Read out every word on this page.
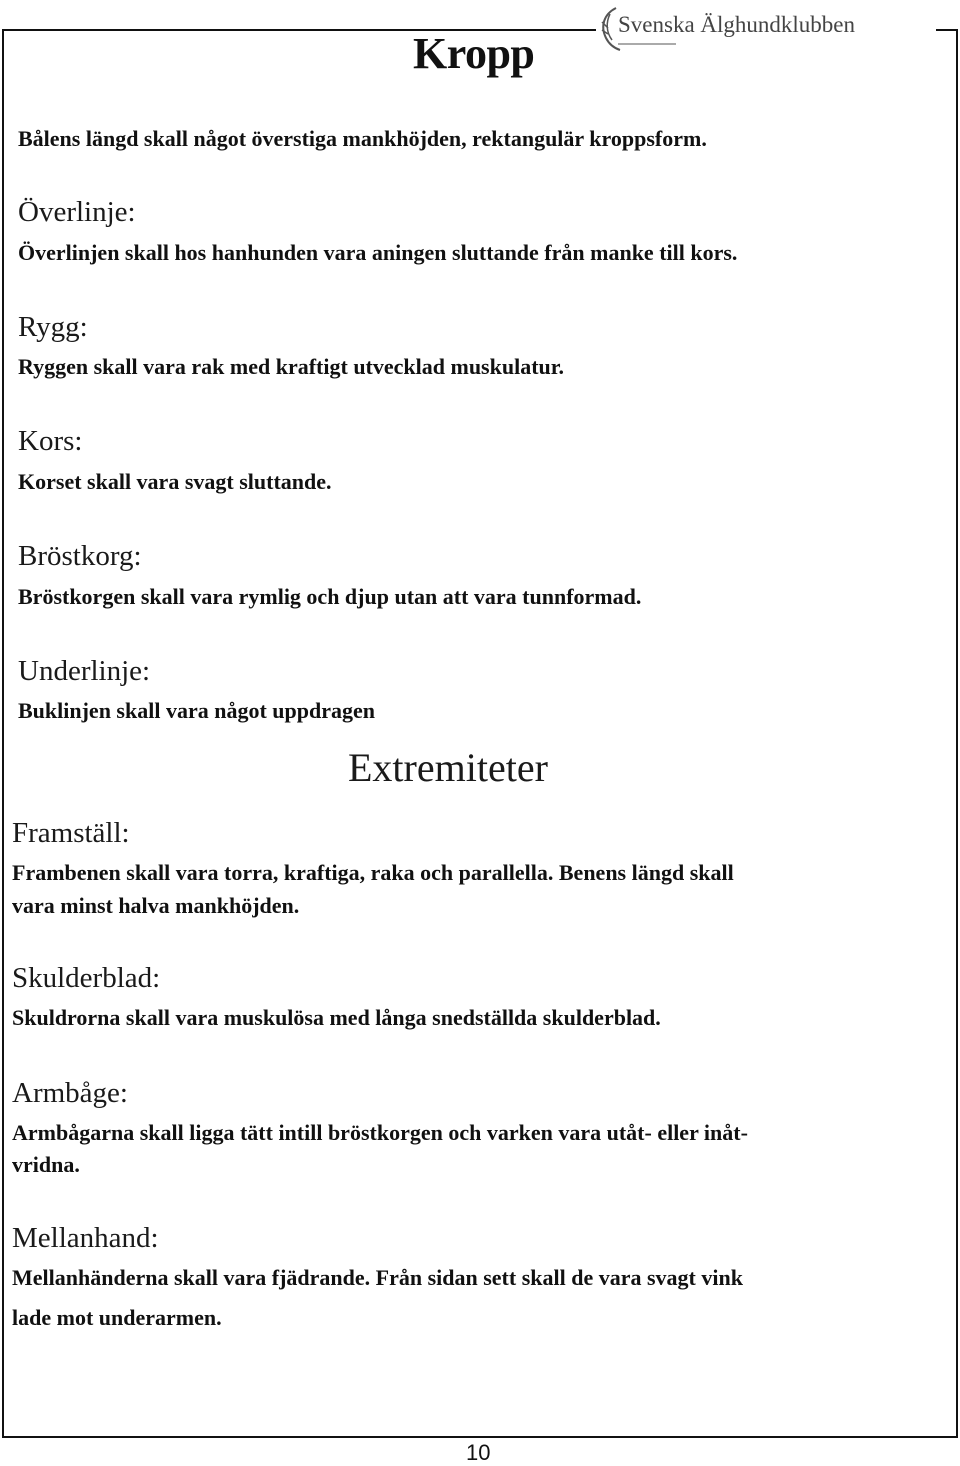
Svenska Älghundklubben
Kropp
Bålens längd skall något överstiga mankhöjden, rektangulär kroppsform.
Överlinje:
Överlinjen skall hos hanhunden vara aningen sluttande från manke till kors.
Rygg:
Ryggen skall vara rak med kraftigt utvecklad muskulatur.
Kors:
Korset skall vara svagt sluttande.
Bröstkorg:
Bröstkorgen skall vara rymlig och djup utan att vara tunnformad.
Underlinje:
Buklinjen skall vara något uppdragen
Extremiteter
Framställ:
Frambenen skall vara torra, kraftiga, raka och parallella. Benens längd skall
vara minst halva mankhöjden.
Skulderblad:
Skuldrorna skall vara muskulösa med långa snedställda skulderblad.
Armbåge:
Armbågarna skall ligga tätt intill bröstkorgen och varken vara utåt- eller inåt-
vridna.
Mellanhand:
Mellanhänderna skall vara fjädrande. Från sidan sett skall de vara svagt vink
lade mot underarmen.
10
